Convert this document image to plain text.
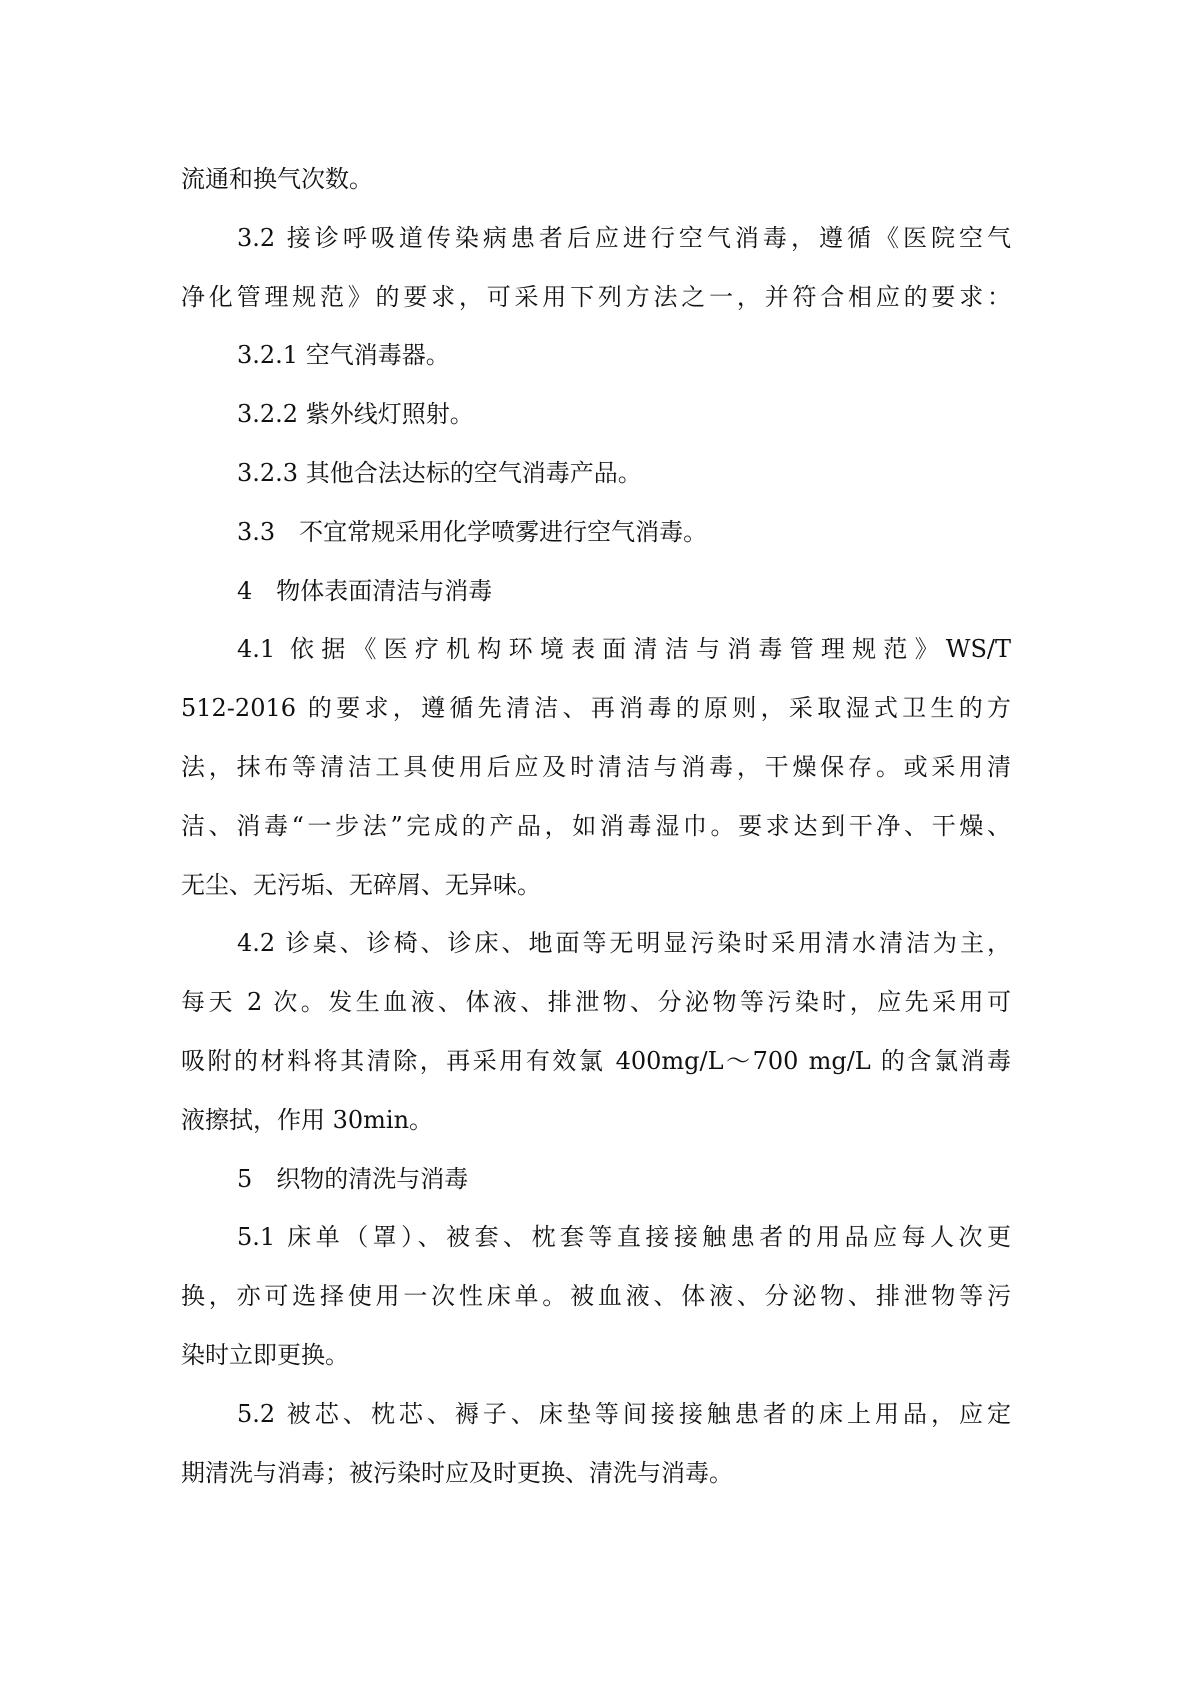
流通和换气次数。
3.2 接诊呼吸道传染病患者后应进行空气消毒，遵循《医院空气
净化管理规范》的要求，可采用下列方法之一，并符合相应的要求：
3.2.1 空气消毒器。
3.2.2 紫外线灯照射。
3.2.3 其他合法达标的空气消毒产品。
3.3　不宜常规采用化学喷雾进行空气消毒。
4　物体表面清洁与消毒
4.1 依据《医疗机构环境表面清洁与消毒管理规范》WS/T
512-2016 的要求，遵循先清洁、再消毒的原则，采取湿式卫生的方
法，抹布等清洁工具使用后应及时清洁与消毒，干燥保存。或采用清
洁、消毒“一步法”完成的产品，如消毒湿巾。要求达到干净、干燥、
无尘、无污垢、无碎屑、无异味。
4.2 诊桌、诊椅、诊床、地面等无明显污染时采用清水清洁为主，
每天 2 次。发生血液、体液、排泄物、分泌物等污染时，应先采用可
吸附的材料将其清除，再采用有效氯 400mg/L～700 mg/L 的含氯消毒
液擦拭，作用 30min。
5　织物的清洗与消毒
5.1 床单（罩）、被套、枕套等直接接触患者的用品应每人次更
换，亦可选择使用一次性床单。被血液、体液、分泌物、排泄物等污
染时立即更换。
5.2 被芯、枕芯、褥子、床垫等间接接触患者的床上用品，应定
期清洗与消毒；被污染时应及时更换、清洗与消毒。
